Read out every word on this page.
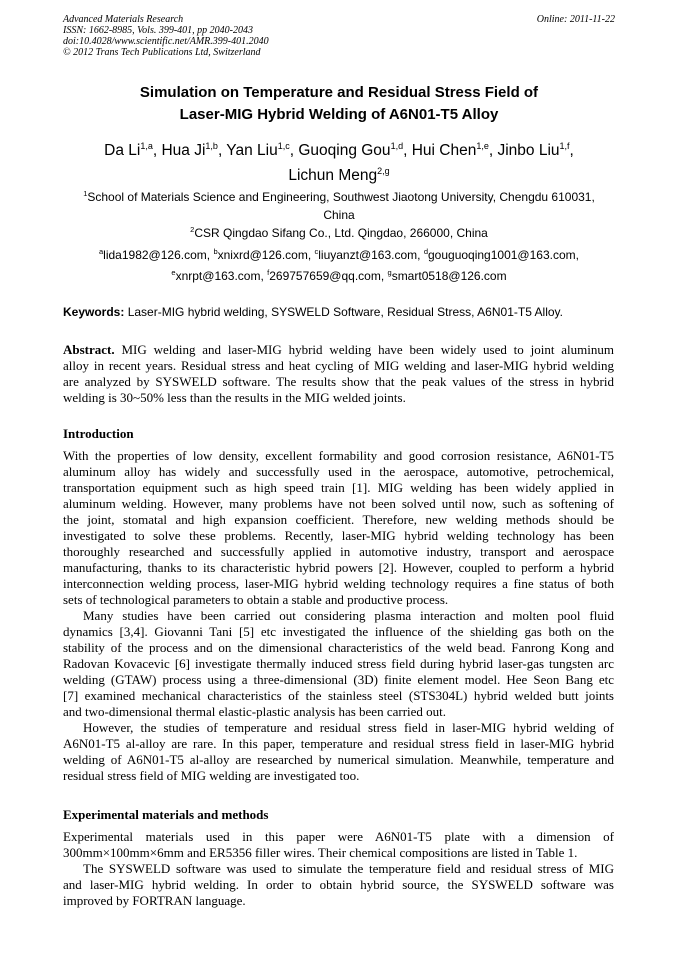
Advanced Materials Research
ISSN: 1662-8985, Vols. 399-401, pp 2040-2043
doi:10.4028/www.scientific.net/AMR.399-401.2040
© 2012 Trans Tech Publications Ltd, Switzerland
Online: 2011-11-22
Simulation on Temperature and Residual Stress Field of
Laser-MIG Hybrid Welding of A6N01-T5 Alloy
Da Li$^{1,a}$, Hua Ji$^{1,b}$, Yan Liu$^{1,c}$, Guoqing Gou$^{1,d}$, Hui Chen$^{1,e}$, Jinbo Liu$^{1,f}$,
Lichun Meng$^{2,g}$
$^1$School of Materials Science and Engineering, Southwest Jiaotong University, Chengdu 610031,
China
$^2$CSR Qingdao Sifang Co., Ltd. Qingdao, 266000, China
$^a$lida1982@126.com, $^b$xnixrd@126.com, $^c$liuyanzt@163.com, $^d$gouguoqing1001@163.com,
$^e$xnrpt@163.com, $^f$269757659@qq.com, $^g$smart0518@126.com
Keywords: Laser-MIG hybrid welding, SYSWELD Software, Residual Stress, A6N01-T5 Alloy.
Abstract. MIG welding and laser-MIG hybrid welding have been widely used to joint aluminum
alloy in recent years. Residual stress and heat cycling of MIG welding and laser-MIG hybrid welding
are analyzed by SYSWELD software. The results show that the peak values of the stress in hybrid
welding is 30~50% less than the results in the MIG welded joints.
Introduction
With the properties of low density, excellent formability and good corrosion resistance, A6N01-T5
aluminum alloy has widely and successfully used in the aerospace, automotive, petrochemical,
transportation equipment such as high speed train [1]. MIG welding has been widely applied in
aluminum welding. However, many problems have not been solved until now, such as softening of
the joint, stomatal and high expansion coefficient. Therefore, new welding methods should be
investigated to solve these problems. Recently, laser-MIG hybrid welding technology has been
thoroughly researched and successfully applied in automotive industry, transport and aerospace
manufacturing, thanks to its characteristic hybrid powers [2]. However, coupled to perform a hybrid
interconnection welding process, laser-MIG hybrid welding technology requires a fine status of both
sets of technological parameters to obtain a stable and productive process.
Many studies have been carried out considering plasma interaction and molten pool fluid
dynamics [3,4]. Giovanni Tani [5] etc investigated the influence of the shielding gas both on the
stability of the process and on the dimensional characteristics of the weld bead. Fanrong Kong and
Radovan Kovacevic [6] investigate thermally induced stress field during hybrid laser-gas tungsten arc
welding (GTAW) process using a three-dimensional (3D) finite element model. Hee Seon Bang etc
[7] examined mechanical characteristics of the stainless steel (STS304L) hybrid welded butt joints
and two-dimensional thermal elastic-plastic analysis has been carried out.
However, the studies of temperature and residual stress field in laser-MIG hybrid welding of
A6N01-T5 al-alloy are rare. In this paper, temperature and residual stress field in laser-MIG hybrid
welding of A6N01-T5 al-alloy are researched by numerical simulation. Meanwhile, temperature and
residual stress field of MIG welding are investigated too.
Experimental materials and methods
Experimental materials used in this paper were A6N01-T5 plate with a dimension of
300mm×100mm×6mm and ER5356 filler wires. Their chemical compositions are listed in Table 1.
The SYSWELD software was used to simulate the temperature field and residual stress of MIG
and laser-MIG hybrid welding. In order to obtain hybrid source, the SYSWELD software was
improved by FORTRAN language.
